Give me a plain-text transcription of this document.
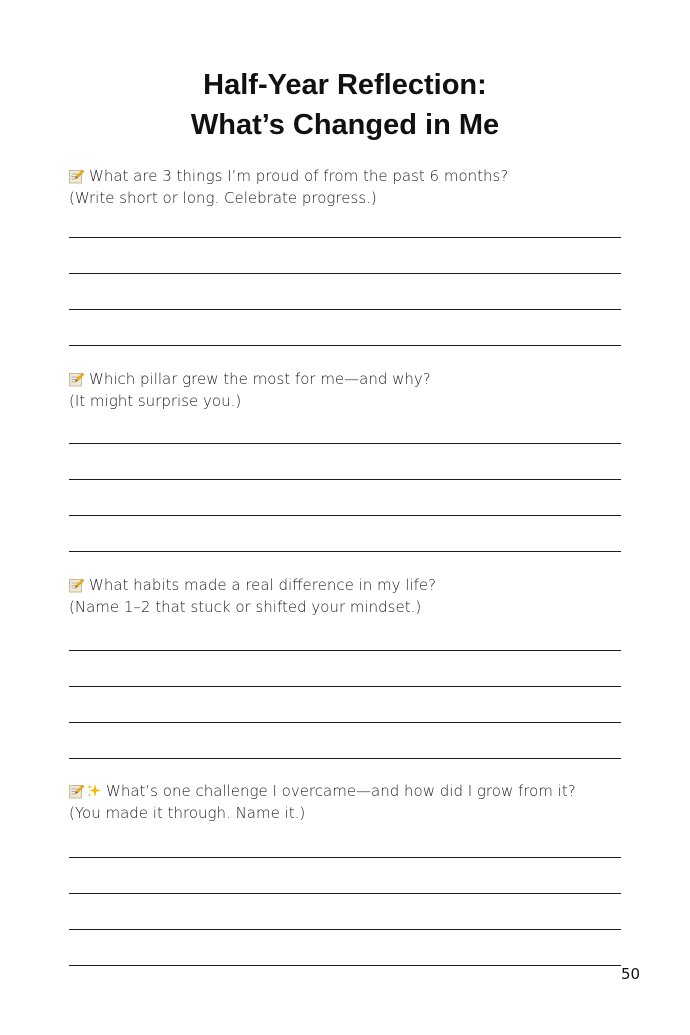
Half-Year Reflection:
What’s Changed in Me
What are 3 things I’m proud of from the past 6 months?
(Write short or long. Celebrate progress.)
Which pillar grew the most for me—and why?
(It might surprise you.)
What habits made a real difference in my life?
(Name 1–2 that stuck or shifted your mindset.)
What’s one challenge I overcame—and how did I grow from it?
(You made it through. Name it.)
50
